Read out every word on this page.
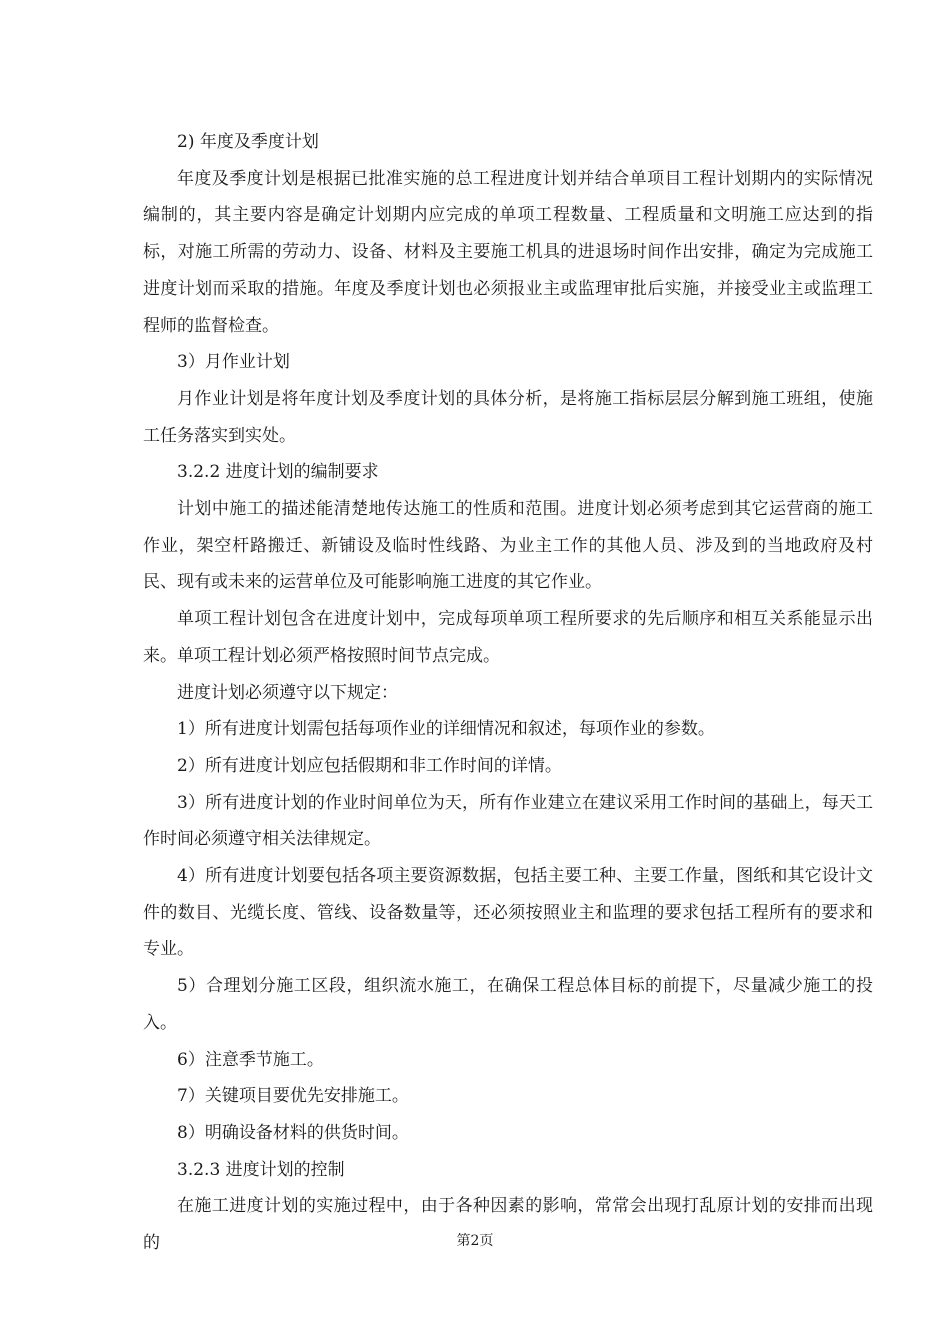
2) 年度及季度计划

年度及季度计划是根据已批准实施的总工程进度计划并结合单项目工程计划期内的实际情况编制的，其主要内容是确定计划期内应完成的单项工程数量、工程质量和文明施工应达到的指标，对施工所需的劳动力、设备、材料及主要施工机具的进退场时间作出安排，确定为完成施工进度计划而采取的措施。年度及季度计划也必须报业主或监理审批后实施，并接受业主或监理工程师的监督检查。

3）月作业计划

月作业计划是将年度计划及季度计划的具体分析，是将施工指标层层分解到施工班组，使施工任务落实到实处。

3.2.2 进度计划的编制要求

计划中施工的描述能清楚地传达施工的性质和范围。进度计划必须考虑到其它运营商的施工作业，架空杆路搬迁、新铺设及临时性线路、为业主工作的其他人员、涉及到的当地政府及村民、现有或未来的运营单位及可能影响施工进度的其它作业。

单项工程计划包含在进度计划中，完成每项单项工程所要求的先后顺序和相互关系能显示出来。单项工程计划必须严格按照时间节点完成。

进度计划必须遵守以下规定：

1）所有进度计划需包括每项作业的详细情况和叙述，每项作业的参数。

2）所有进度计划应包括假期和非工作时间的详情。

3）所有进度计划的作业时间单位为天，所有作业建立在建议采用工作时间的基础上，每天工作时间必须遵守相关法律规定。

4）所有进度计划要包括各项主要资源数据，包括主要工种、主要工作量，图纸和其它设计文件的数目、光缆长度、管线、设备数量等，还必须按照业主和监理的要求包括工程所有的要求和专业。

5）合理划分施工区段，组织流水施工，在确保工程总体目标的前提下，尽量减少施工的投入。

6）注意季节施工。

7）关键项目要优先安排施工。

8）明确设备材料的供货时间。

3.2.3 进度计划的控制

在施工进度计划的实施过程中，由于各种因素的影响，常常会出现打乱原计划的安排而出现的	第2页
